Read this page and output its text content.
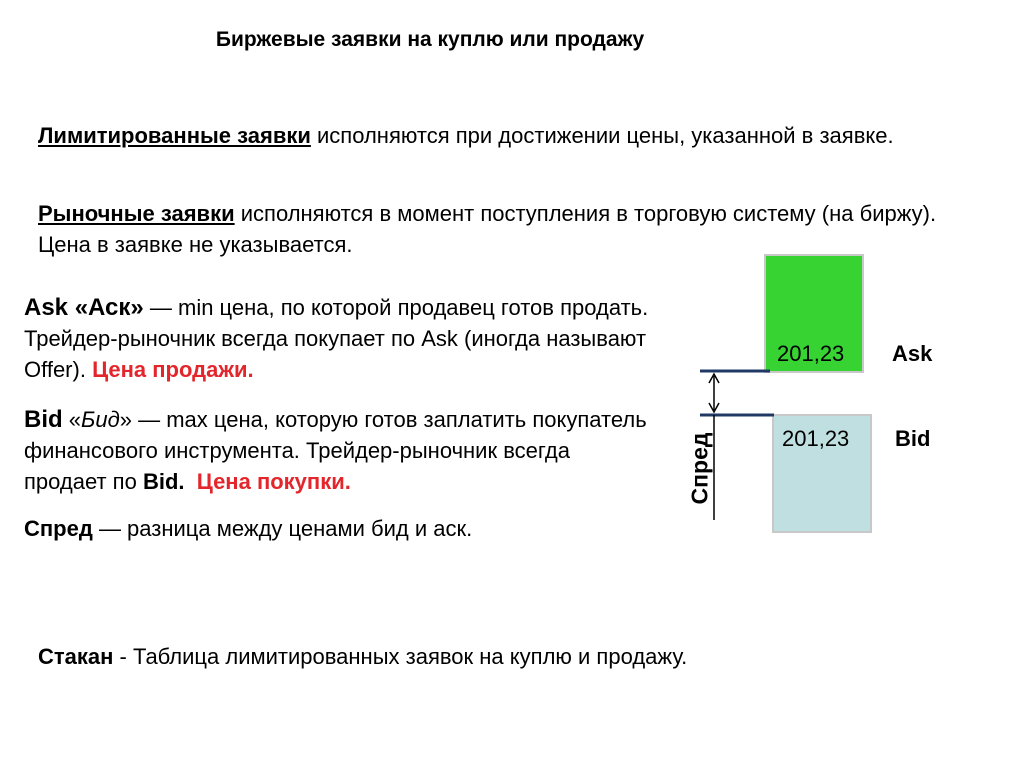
Биржевые заявки на куплю или продажу
Лимитированные заявки исполняются при достижении цены, указанной в заявке.
Рыночные заявки исполняются в момент поступления в торговую систему (на биржу). Цена в заявке не указывается.
Ask «Аск» — min цена, по которой продавец готов продать. Трейдер-рыночник всегда покупает по Ask (иногда называют Offer). Цена продажи.
Bid «Бид» — max цена, которую готов заплатить покупатель финансового инструмента. Трейдер-рыночник всегда продает по Bid. Цена покупки.
Спред — разница между ценами бид и аск.
Стакан - Таблица лимитированных заявок на куплю и продажу.
201,23 Ask
201,23 Bid
Спред
